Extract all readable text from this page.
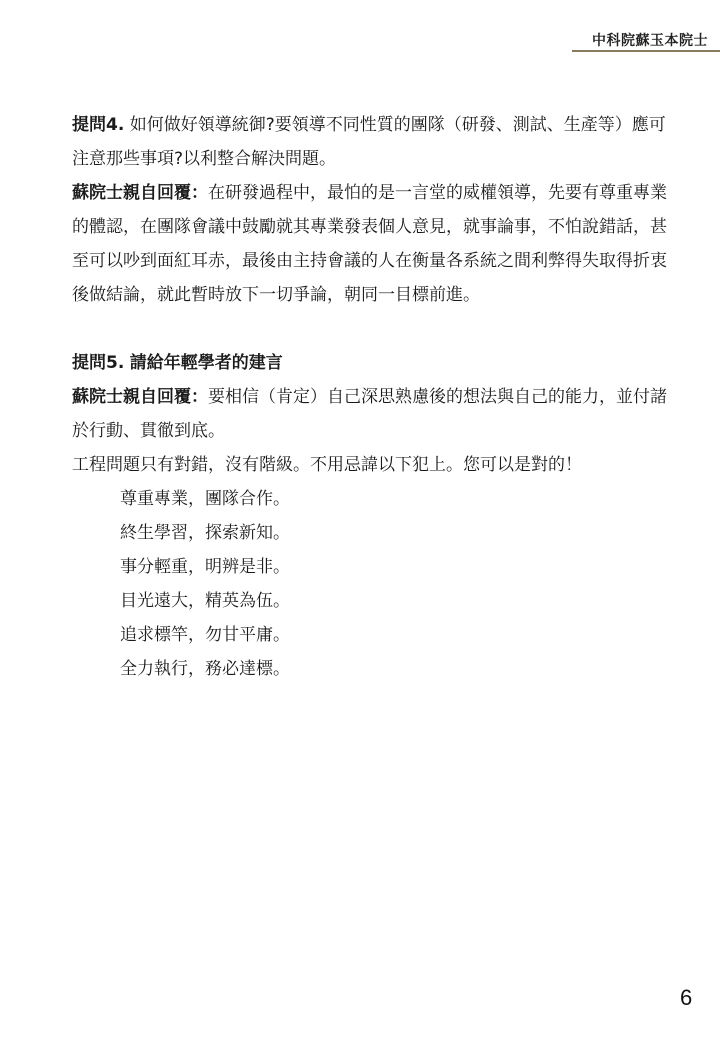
中科院蘇玉本院士

提問4. 如何做好領導統御?要領導不同性質的團隊（研發、測試、生產等）應可注意那些事項?以利整合解決問題。

蘇院士親自回覆：在研發過程中，最怕的是一言堂的威權領導，先要有尊重專業的體認，在團隊會議中鼓勵就其專業發表個人意見，就事論事，不怕說錯話，甚至可以吵到面紅耳赤，最後由主持會議的人在衡量各系統之間利弊得失取得折衷後做結論，就此暫時放下一切爭論，朝同一目標前進。

提問5. 請給年輕學者的建言

蘇院士親自回覆：要相信（肯定）自己深思熟慮後的想法與自己的能力，並付諸於行動、貫徹到底。

工程問題只有對錯，沒有階級。不用忌諱以下犯上。您可以是對的！

尊重專業，團隊合作。

終生學習，探索新知。

事分輕重，明辨是非。

目光遠大，精英為伍。

追求標竿，勿甘平庸。

全力執行，務必達標。

6
